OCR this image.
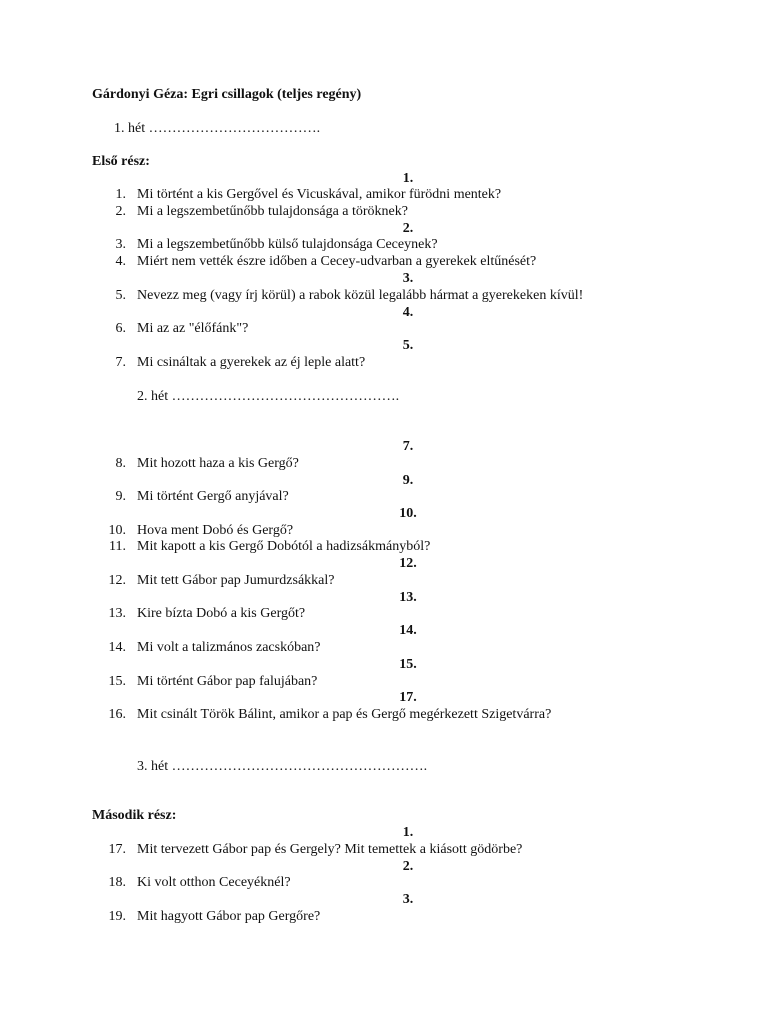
Gárdonyi Géza: Egri csillagok (teljes regény)
1. hét ……………………………….
Első rész:
1.
1. Mi történt a kis Gergővel és Vicuskával, amikor fürödni mentek?
2. Mi a legszembetűnőbb tulajdonsága a töröknek?
2.
3. Mi a legszembetűnőbb külső tulajdonsága Ceceynek?
4. Miért nem vették észre időben a Cecey-udvarban a gyerekek eltűnését?
3.
5. Nevezz meg (vagy írj körül) a rabok közül legalább hármat a gyerekeken kívül!
4.
6. Mi az az "élőfánk"?
5.
7. Mi csináltak a gyerekek az éj leple alatt?
2. hét ………………………………………….
7.
8. Mit hozott haza a kis Gergő?
9.
9. Mi történt Gergő anyjával?
10.
10. Hova ment Dobó és Gergő?
11. Mit kapott a kis Gergő Dobótól a hadizsákmányból?
12.
12. Mit tett Gábor pap Jumurdzsákkal?
13.
13. Kire bízta Dobó a kis Gergőt?
14.
14. Mi volt a talizmános zacskóban?
15.
15. Mi történt Gábor pap falujában?
17.
16. Mit csinált Török Bálint, amikor a pap és Gergő megérkezett Szigetvárra?
3. hét ……………………………………………….
Második rész:
1.
17. Mit tervezett Gábor pap és Gergely? Mit temettek a kiásott gödörbe?
2.
18. Ki volt otthon Ceceyéknél?
3.
19. Mit hagyott Gábor pap Gergőre?
